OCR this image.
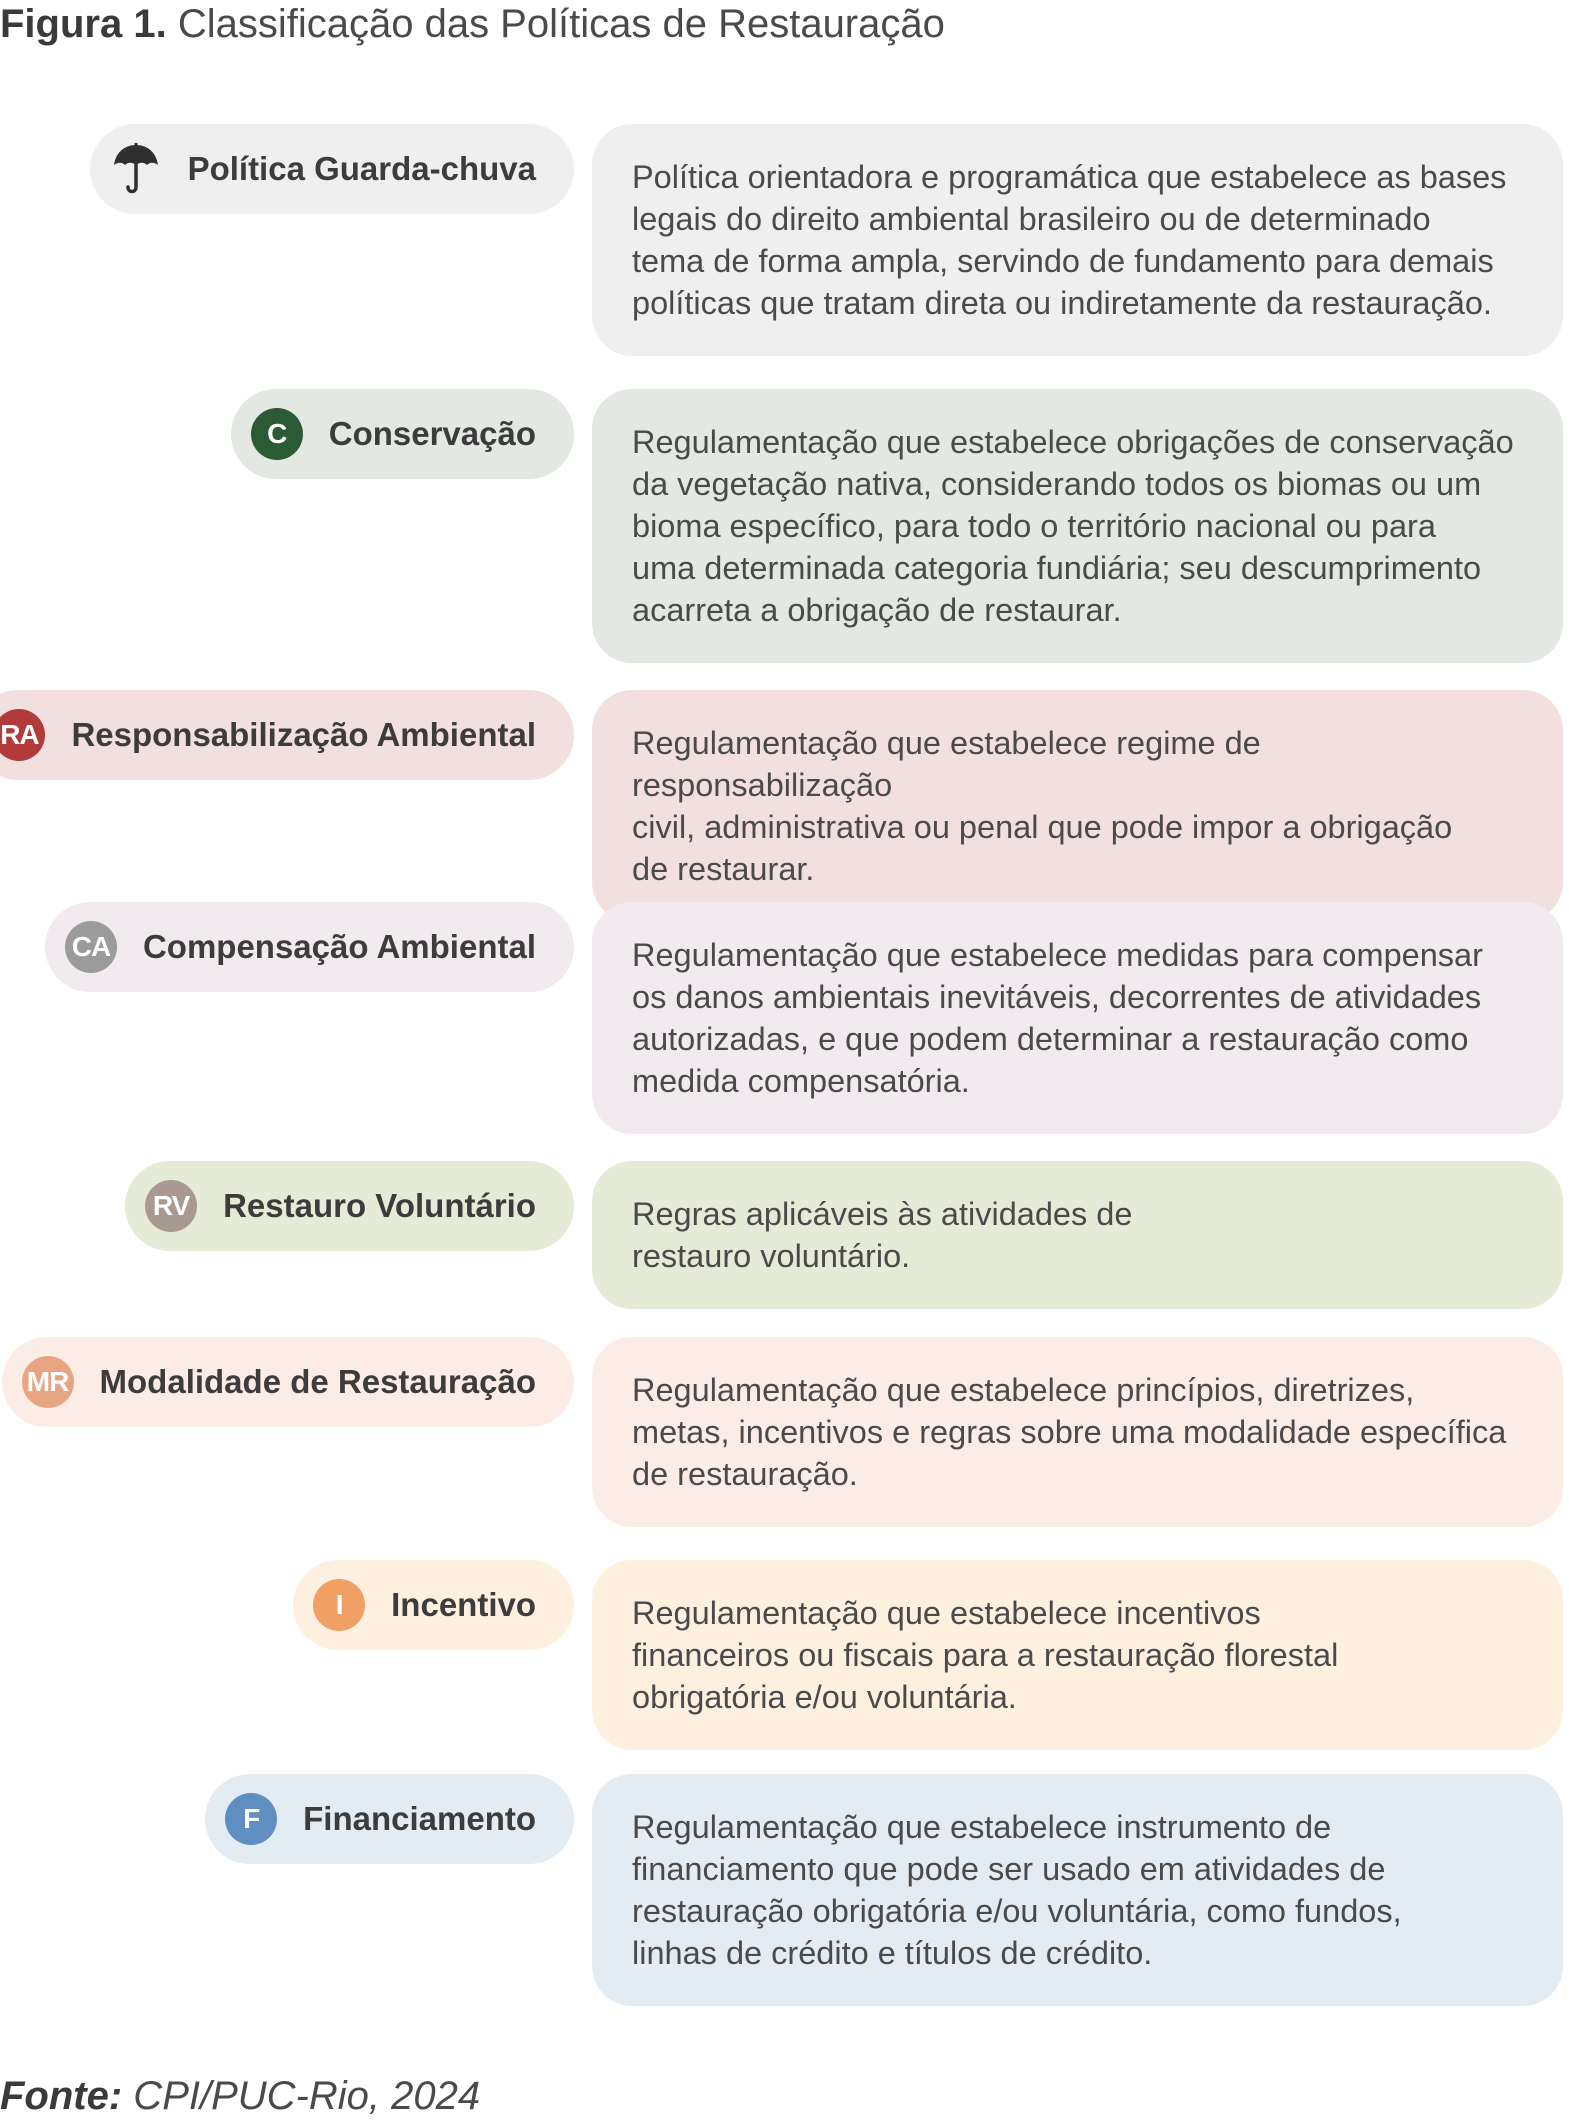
Figura 1. Classificação das Políticas de Restauração
Política Guarda-chuva	Política orientadora e programática que estabelece as bases
legais do direito ambiental brasileiro ou de determinado
tema de forma ampla, servindo de fundamento para demais
políticas que tratam direta ou indiretamente da restauração.
C	Conservação	Regulamentação que estabelece obrigações de conservação
da vegetação nativa, considerando todos os biomas ou um
bioma específico, para todo o território nacional ou para
uma determinada categoria fundiária; seu descumprimento
acarreta a obrigação de restaurar.
RA Responsabilização Ambiental	Regulamentação que estabelece regime de responsabilização
civil, administrativa ou penal que pode impor a obrigação
de restaurar.
CA Compensação Ambiental	Regulamentação que estabelece medidas para compensar
os danos ambientais inevitáveis, decorrentes de atividades
autorizadas, e que podem determinar a restauração como
medida compensatória.
RV Restauro Voluntário	Regras aplicáveis às atividades de
restauro voluntário.
MR Modalidade de Restauração	Regulamentação que estabelece princípios, diretrizes,
metas, incentivos e regras sobre uma modalidade específica
de restauração.
I	Incentivo	Regulamentação que estabelece incentivos
financeiros ou fiscais para a restauração florestal
obrigatória e/ou voluntária.
F	Financiamento	Regulamentação que estabelece instrumento de
financiamento que pode ser usado em atividades de
restauração obrigatória e/ou voluntária, como fundos,
linhas de crédito e títulos de crédito.
Fonte: CPI/PUC-Rio, 2024
